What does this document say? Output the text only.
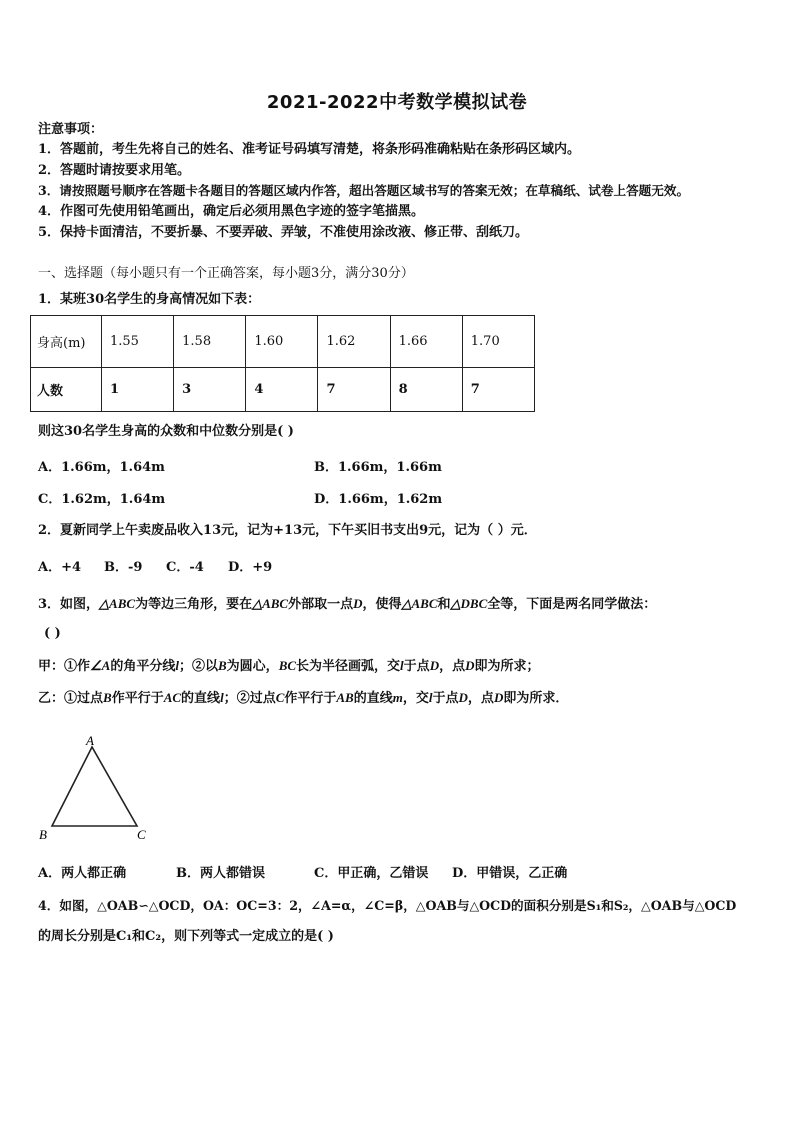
2021-2022中考数学模拟试卷
注意事项：
1．答题前，考生先将自己的姓名、准考证号码填写清楚，将条形码准确粘贴在条形码区域内。
2．答题时请按要求用笔。
3．请按照题号顺序在答题卡各题目的答题区域内作答，超出答题区域书写的答案无效；在草稿纸、试卷上答题无效。
4．作图可先使用铅笔画出，确定后必须用黑色字迹的签字笔描黑。
5．保持卡面清洁，不要折暴、不要弄破、弄皱，不准使用涂改液、修正带、刮纸刀。
一、选择题（每小题只有一个正确答案，每小题3分，满分30分）
1．某班30名学生的身高情况如下表：
身高(m)	1.55	1.58	1.60	1.62	1.66	1.70
人数	1	3	4	7	8	7
则这30名学生身高的众数和中位数分别是( )
A．1.66m，1.64m	B．1.66m，1.66m
C．1.62m，1.64m	D．1.66m，1.62m
2．夏新同学上午卖废品收入13元，记为+13元，下午买旧书支出9元，记为（ ）元．
A．+4 B．-9 C．-4 D．+9
3．如图，△ABC为等边三角形，要在△ABC外部取一点D，使得△ABC和△DBC全等，下面是两名同学做法：
( )
甲：①作∠A的角平分线l；②以B为圆心，BC长为半径画弧，交l于点D，点D即为所求；
乙：①过点B作平行于AC的直线l；②过点C作平行于AB的直线m，交l于点D，点D即为所求．
A
B	C
A．两人都正确	B．两人都错误	C．甲正确，乙错误 D．甲错误，乙正确
4．如图，△OAB∽△OCD，OA：OC=3：2，∠A=α，∠C=β，△OAB与△OCD的面积分别是S₁和S₂，△OAB与△OCD
的周长分别是C₁和C₂，则下列等式一定成立的是( )
